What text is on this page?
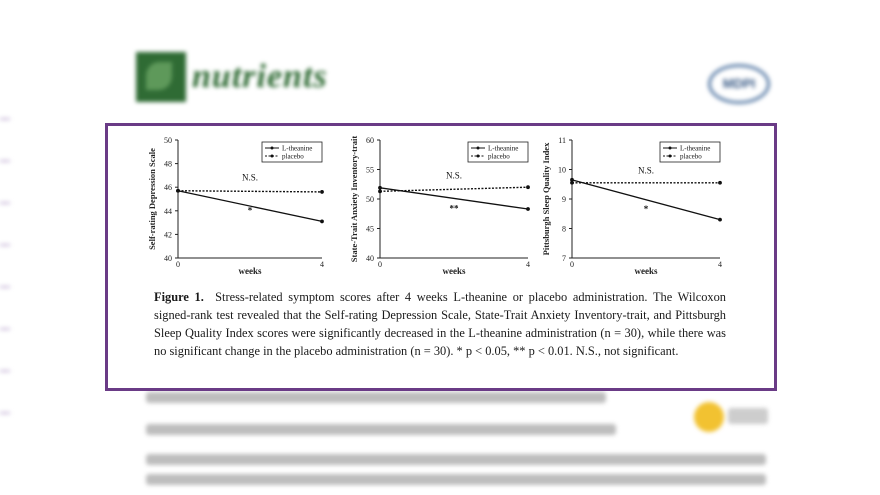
nutrients	MDPI
40
42
44
46
48
50
0	4
weeks
Self-rating Depression Scale	N.S.
*
L-theanine
placebo
40
45
50
55
60
0	4
weeks
State-Trait Anxiety Inventory-trait	N.S.
**
L-theanine
placebo
7
8
9
10
11
0	4
weeks
Pittsburgh Sleep Quality Index	N.S.
*
L-theanine
placebo
Figure 1. Stress-related symptom scores after 4 weeks L-theanine or placebo administration. The Wilcoxon signed-rank test revealed that the Self-rating Depression Scale, State-Trait Anxiety Inventory-trait, and Pittsburgh Sleep Quality Index scores were significantly decreased in the L-theanine administration (n = 30), while there was no significant change in the placebo administration (n = 30). * p < 0.05, ** p < 0.01. N.S., not significant.
